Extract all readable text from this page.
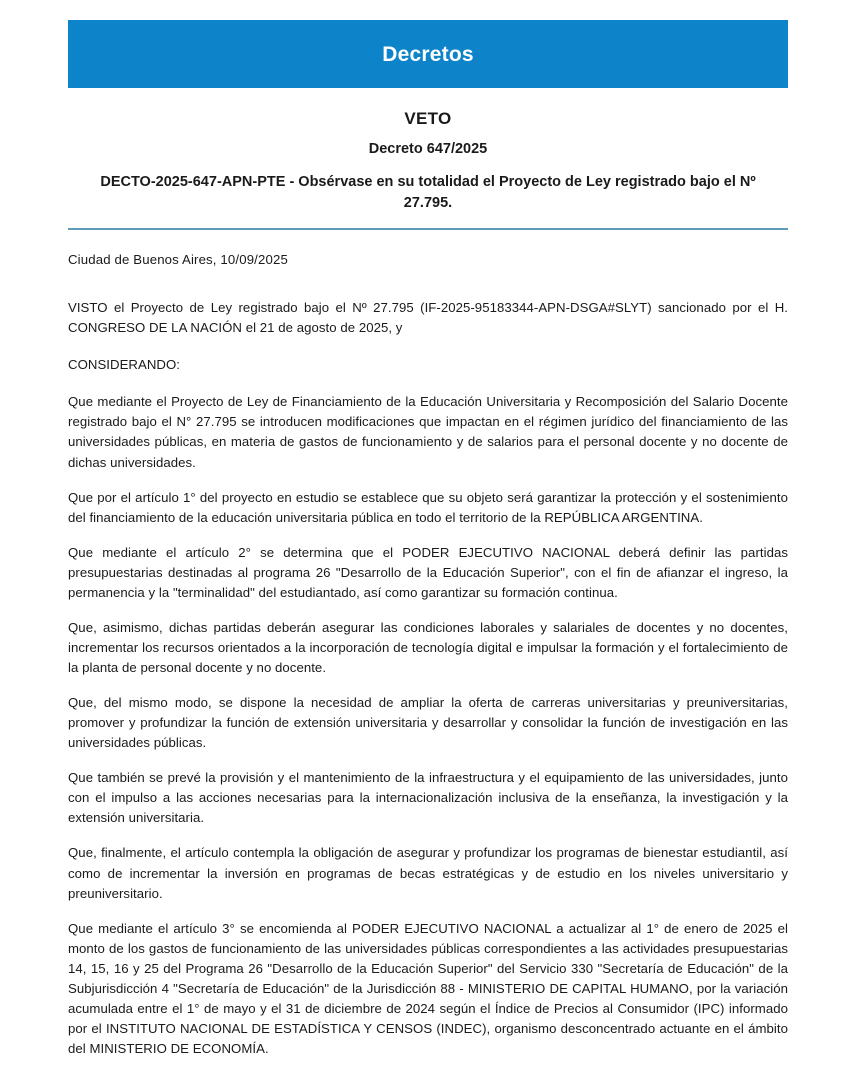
Decretos
VETO
Decreto 647/2025
DECTO-2025-647-APN-PTE - Obsérvase en su totalidad el Proyecto de Ley registrado bajo el Nº 27.795.

Ciudad de Buenos Aires, 10/09/2025

VISTO el Proyecto de Ley registrado bajo el Nº 27.795 (IF-2025-95183344-APN-DSGA#SLYT) sancionado por el H. CONGRESO DE LA NACIÓN el 21 de agosto de 2025, y

CONSIDERANDO:

Que mediante el Proyecto de Ley de Financiamiento de la Educación Universitaria y Recomposición del Salario Docente registrado bajo el N° 27.795 se introducen modificaciones que impactan en el régimen jurídico del financiamiento de las universidades públicas, en materia de gastos de funcionamiento y de salarios para el personal docente y no docente de dichas universidades.

Que por el artículo 1° del proyecto en estudio se establece que su objeto será garantizar la protección y el sostenimiento del financiamiento de la educación universitaria pública en todo el territorio de la REPÚBLICA ARGENTINA.

Que mediante el artículo 2° se determina que el PODER EJECUTIVO NACIONAL deberá definir las partidas presupuestarias destinadas al programa 26 "Desarrollo de la Educación Superior", con el fin de afianzar el ingreso, la permanencia y la "terminalidad" del estudiantado, así como garantizar su formación continua.

Que, asimismo, dichas partidas deberán asegurar las condiciones laborales y salariales de docentes y no docentes, incrementar los recursos orientados a la incorporación de tecnología digital e impulsar la formación y el fortalecimiento de la planta de personal docente y no docente.

Que, del mismo modo, se dispone la necesidad de ampliar la oferta de carreras universitarias y preuniversitarias, promover y profundizar la función de extensión universitaria y desarrollar y consolidar la función de investigación en las universidades públicas.

Que también se prevé la provisión y el mantenimiento de la infraestructura y el equipamiento de las universidades, junto con el impulso a las acciones necesarias para la internacionalización inclusiva de la enseñanza, la investigación y la extensión universitaria.

Que, finalmente, el artículo contempla la obligación de asegurar y profundizar los programas de bienestar estudiantil, así como de incrementar la inversión en programas de becas estratégicas y de estudio en los niveles universitario y preuniversitario.

Que mediante el artículo 3° se encomienda al PODER EJECUTIVO NACIONAL a actualizar al 1° de enero de 2025 el monto de los gastos de funcionamiento de las universidades públicas correspondientes a las actividades presupuestarias 14, 15, 16 y 25 del Programa 26 "Desarrollo de la Educación Superior" del Servicio 330 "Secretaría de Educación" de la Subjurisdicción 4 "Secretaría de Educación" de la Jurisdicción 88 - MINISTERIO DE CAPITAL HUMANO, por la variación acumulada entre el 1° de mayo y el 31 de diciembre de 2024 según el Índice de Precios al Consumidor (IPC) informado por el INSTITUTO NACIONAL DE ESTADÍSTICA Y CENSOS (INDEC), organismo desconcentrado actuante en el ámbito del MINISTERIO DE ECONOMÍA.
